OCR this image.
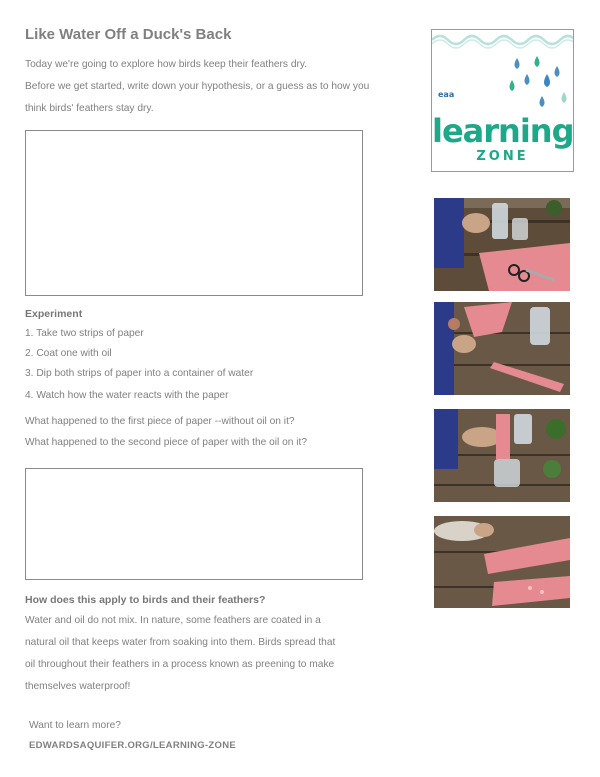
Like Water Off a Duck's Back
Today we're going to explore how birds keep their feathers dry.
Before we get started, write down your hypothesis, or a guess as to how you
think birds' feathers stay dry.
Experiment
1. Take two strips of paper
2. Coat one with oil
3. Dip both strips of paper into a container of water
4. Watch how the water reacts with the paper
What happened to the first piece of paper --without oil on it?
What happened to the second piece of paper with the oil on it?
How does this apply to birds and their feathers?
Water and oil do not mix. In nature, some feathers are coated in a
natural oil that keeps water from soaking into them. Birds spread that
oil throughout their feathers in a process known as preening to make
themselves waterproof!
Want to learn more?
EDWARDSAQUIFER.ORG/LEARNING-ZONE
eaa
learning
ZONE
